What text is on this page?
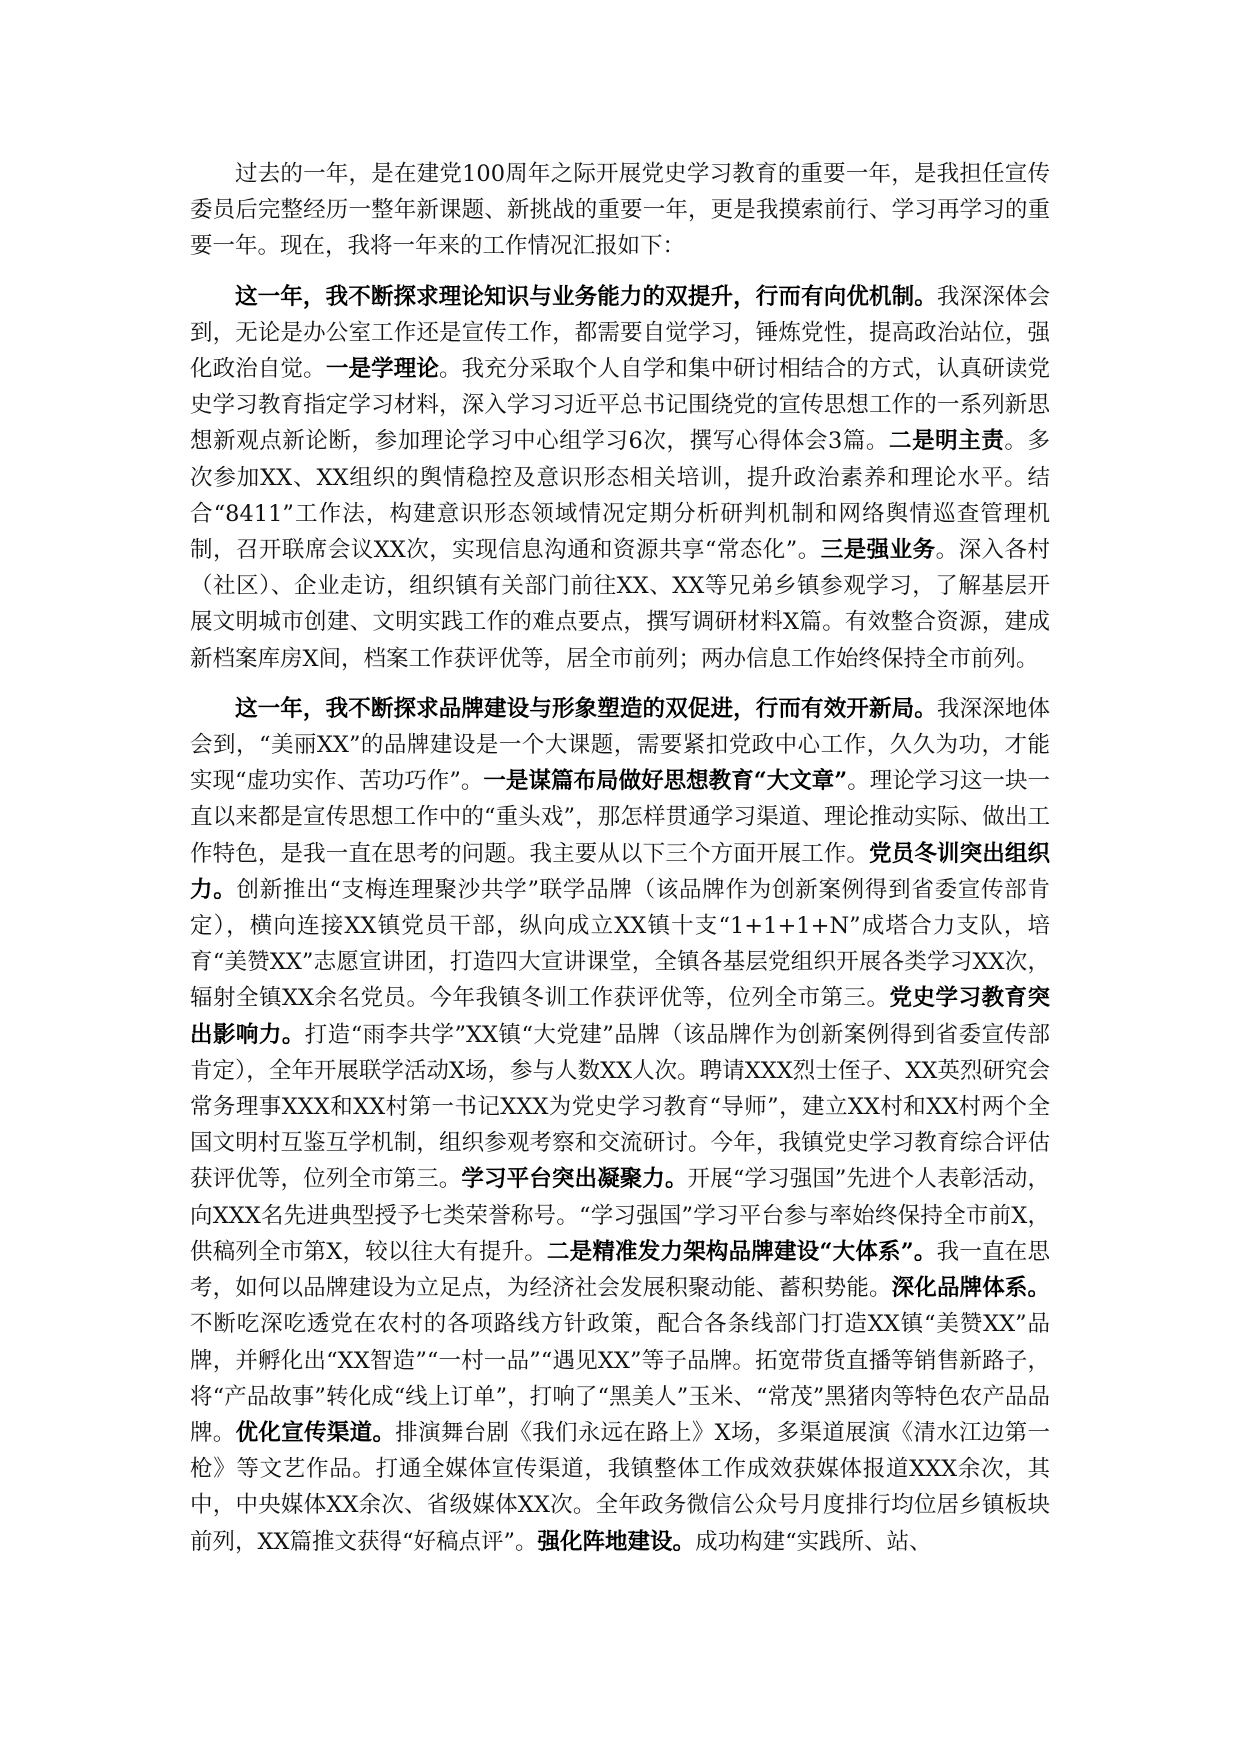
过去的一年，是在建党100周年之际开展党史学习教育的重要一年，是我担任宣传委员后完整经历一整年新课题、新挑战的重要一年，更是我摸索前行、学习再学习的重要一年。现在，我将一年来的工作情况汇报如下：

这一年，我不断探求理论知识与业务能力的双提升，行而有向优机制。我深深体会到，无论是办公室工作还是宣传工作，都需要自觉学习，锤炼党性，提高政治站位，强化政治自觉。一是学理论。我充分采取个人自学和集中研讨相结合的方式，认真研读党史学习教育指定学习材料，深入学习习近平总书记围绕党的宣传思想工作的一系列新思想新观点新论断，参加理论学习中心组学习6次，撰写心得体会3篇。二是明主责。多次参加XX、XX组织的舆情稳控及意识形态相关培训，提升政治素养和理论水平。结合“8411”工作法，构建意识形态领域情况定期分析研判机制和网络舆情巡查管理机制，召开联席会议XX次，实现信息沟通和资源共享“常态化”。三是强业务。深入各村（社区）、企业走访，组织镇有关部门前往XX、XX等兄弟乡镇参观学习，了解基层开展文明城市创建、文明实践工作的难点要点，撰写调研材料X篇。有效整合资源，建成新档案库房X间，档案工作获评优等，居全市前列；两办信息工作始终保持全市前列。

这一年，我不断探求品牌建设与形象塑造的双促进，行而有效开新局。我深深地体会到，“美丽XX”的品牌建设是一个大课题，需要紧扣党政中心工作，久久为功，才能实现“虚功实作、苦功巧作”。一是谋篇布局做好思想教育“大文章”。理论学习这一块一直以来都是宣传思想工作中的“重头戏”，那怎样贯通学习渠道、理论推动实际、做出工作特色，是我一直在思考的问题。我主要从以下三个方面开展工作。党员冬训突出组织力。创新推出“支梅连理聚沙共学”联学品牌（该品牌作为创新案例得到省委宣传部肯定），横向连接XX镇党员干部，纵向成立XX镇十支“1+1+1+N”成塔合力支队，培育“美赞XX”志愿宣讲团，打造四大宣讲课堂，全镇各基层党组织开展各类学习XX次，辐射全镇XX余名党员。今年我镇冬训工作获评优等，位列全市第三。党史学习教育突出影响力。打造“雨李共学”XX镇“大党建”品牌（该品牌作为创新案例得到省委宣传部肯定），全年开展联学活动X场，参与人数XX人次。聘请XXX烈士侄子、XX英烈研究会常务理事XXX和XX村第一书记XXX为党史学习教育“导师”，建立XX村和XX村两个全国文明村互鉴互学机制，组织参观考察和交流研讨。今年，我镇党史学习教育综合评估获评优等，位列全市第三。学习平台突出凝聚力。开展“学习强国”先进个人表彰活动，向XXX名先进典型授予七类荣誉称号。“学习强国”学习平台参与率始终保持全市前X，供稿列全市第X，较以往大有提升。二是精准发力架构品牌建设“大体系”。我一直在思考，如何以品牌建设为立足点，为经济社会发展积聚动能、蓄积势能。深化品牌体系。不断吃深吃透党在农村的各项路线方针政策，配合各条线部门打造XX镇“美赞XX”品牌，并孵化出“XX智造”“一村一品”“遇见XX”等子品牌。拓宽带货直播等销售新路子，将“产品故事”转化成“线上订单”，打响了“黑美人”玉米、“常茂”黑猪肉等特色农产品品牌。优化宣传渠道。排演舞台剧《我们永远在路上》X场，多渠道展演《清水江边第一枪》等文艺作品。打通全媒体宣传渠道，我镇整体工作成效获媒体报道XXX余次，其中，中央媒体XX余次、省级媒体XX次。全年政务微信公众号月度排行均位居乡镇板块前列，XX篇推文获得“好稿点评”。强化阵地建设。成功构建“实践所、站、
